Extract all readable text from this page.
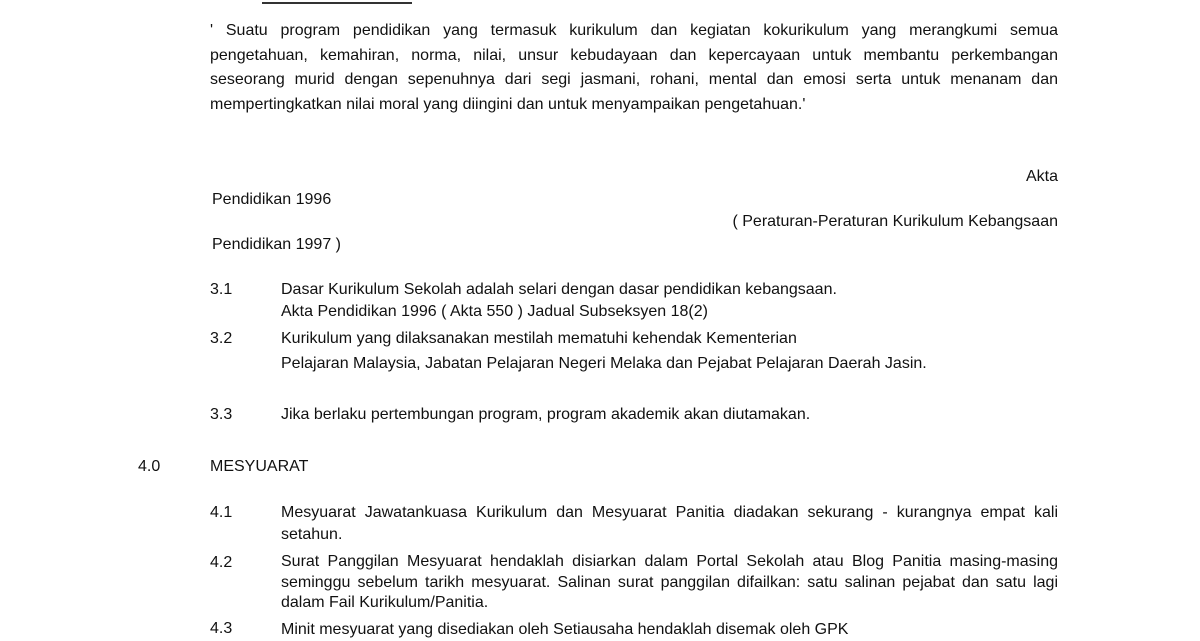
' Suatu program pendidikan yang termasuk kurikulum dan kegiatan kokurikulum yang merangkumi semua pengetahuan, kemahiran, norma, nilai, unsur kebudayaan dan kepercayaan untuk membantu perkembangan seseorang murid dengan sepenuhnya dari segi jasmani, rohani, mental dan emosi serta untuk menanam dan mempertingkatkan nilai moral yang diingini dan untuk menyampaikan pengetahuan.'
Akta
Pendidikan 1996
( Peraturan-Peraturan Kurikulum Kebangsaan
Pendidikan 1997 )
3.1	Dasar Kurikulum Sekolah adalah selari dengan dasar pendidikan kebangsaan.
Akta Pendidikan 1996 ( Akta 550 ) Jadual Subseksyen 18(2)
3.2	Kurikulum yang dilaksanakan mestilah mematuhi kehendak Kementerian
Pelajaran Malaysia, Jabatan Pelajaran Negeri Melaka dan Pejabat Pelajaran Daerah Jasin.
3.3	Jika berlaku pertembungan program, program akademik akan diutamakan.
4.0	MESYUARAT
4.1	Mesyuarat Jawatankuasa Kurikulum dan Mesyuarat Panitia diadakan sekurang - kurangnya empat kali setahun.
4.2	Surat Panggilan Mesyuarat hendaklah disiarkan dalam Portal Sekolah atau Blog Panitia masing-masing seminggu sebelum tarikh mesyuarat. Salinan surat panggilan difailkan: satu salinan pejabat dan satu lagi dalam Fail Kurikulum/Panitia.
4.3	Minit mesyuarat yang disediakan oleh Setiausaha hendaklah disemak oleh GPK
